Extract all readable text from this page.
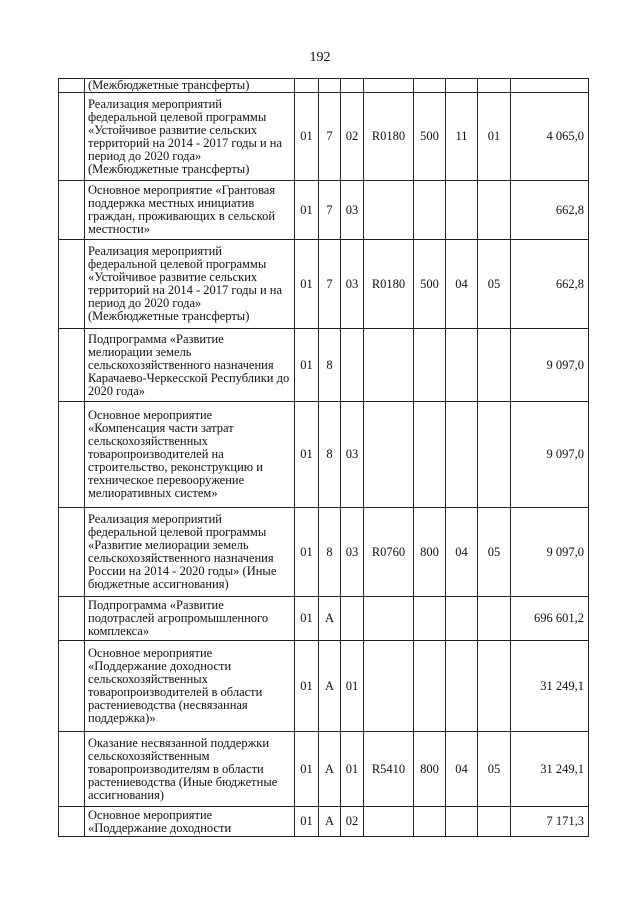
192
	(Межбюджетные трансферты)								
	Реализация мероприятий федеральной целевой программы «Устойчивое развитие сельских территорий на 2014 - 2017 годы и на период до 2020 года» (Межбюджетные трансферты)	01	7	02	R0180	500	11	01	4 065,0
	Основное мероприятие «Грантовая поддержка местных инициатив граждан, проживающих в сельской местности»	01	7	03					662,8
	Реализация мероприятий федеральной целевой программы «Устойчивое развитие сельских территорий на 2014 - 2017 годы и на период до 2020 года» (Межбюджетные трансферты)	01	7	03	R0180	500	04	05	662,8
	Подпрограмма «Развитие мелиорации земель сельскохозяйственного назначения Карачаево-Черкесской Республики до 2020 года»	01	8						9 097,0
	Основное мероприятие «Компенсация части затрат сельскохозяйственных товаропроизводителей на строительство, реконструкцию и техническое перевооружение мелиоративных систем»	01	8	03					9 097,0
	Реализация мероприятий федеральной целевой программы «Развитие мелиорации земель сельскохозяйственного назначения России на 2014 - 2020 годы» (Иные бюджетные ассигнования)	01	8	03	R0760	800	04	05	9 097,0
	Подпрограмма «Развитие подотраслей агропромышленного комплекса»	01	А						696 601,2
	Основное мероприятие «Поддержание доходности сельскохозяйственных товаропроизводителей в области растениеводства (несвязанная поддержка)»	01	А	01					31 249,1
	Оказание несвязанной поддержки сельскохозяйственным товаропроизводителям в области растениеводства (Иные бюджетные ассигнования)	01	А	01	R5410	800	04	05	31 249,1
	Основное мероприятие «Поддержание доходности	01	А	02					7 171,3
